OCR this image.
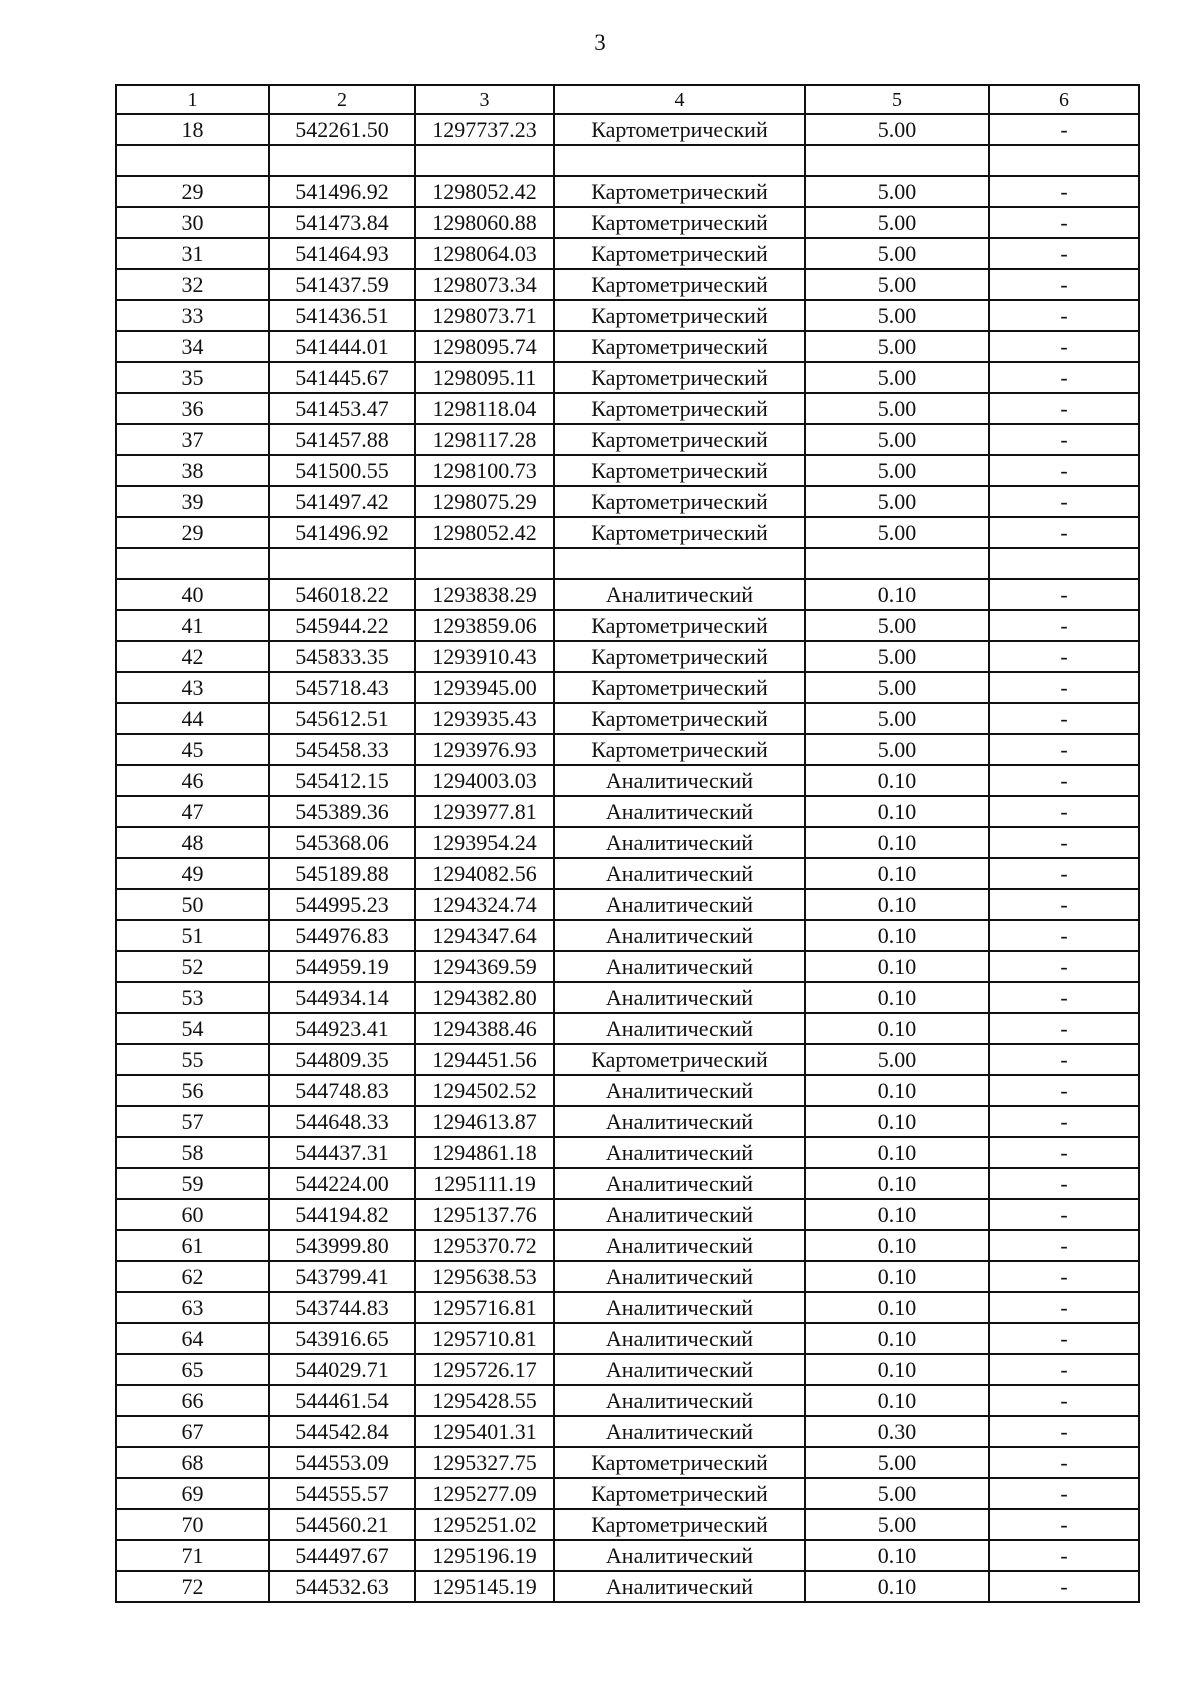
3
1	2	3	4	5	6
18	542261.50	1297737.23	Картометрический	5.00	-

29	541496.92	1298052.42	Картометрический	5.00	-
30	541473.84	1298060.88	Картометрический	5.00	-
31	541464.93	1298064.03	Картометрический	5.00	-
32	541437.59	1298073.34	Картометрический	5.00	-
33	541436.51	1298073.71	Картометрический	5.00	-
34	541444.01	1298095.74	Картометрический	5.00	-
35	541445.67	1298095.11	Картометрический	5.00	-
36	541453.47	1298118.04	Картометрический	5.00	-
37	541457.88	1298117.28	Картометрический	5.00	-
38	541500.55	1298100.73	Картометрический	5.00	-
39	541497.42	1298075.29	Картометрический	5.00	-
29	541496.92	1298052.42	Картометрический	5.00	-

40	546018.22	1293838.29	Аналитический	0.10	-
41	545944.22	1293859.06	Картометрический	5.00	-
42	545833.35	1293910.43	Картометрический	5.00	-
43	545718.43	1293945.00	Картометрический	5.00	-
44	545612.51	1293935.43	Картометрический	5.00	-
45	545458.33	1293976.93	Картометрический	5.00	-
46	545412.15	1294003.03	Аналитический	0.10	-
47	545389.36	1293977.81	Аналитический	0.10	-
48	545368.06	1293954.24	Аналитический	0.10	-
49	545189.88	1294082.56	Аналитический	0.10	-
50	544995.23	1294324.74	Аналитический	0.10	-
51	544976.83	1294347.64	Аналитический	0.10	-
52	544959.19	1294369.59	Аналитический	0.10	-
53	544934.14	1294382.80	Аналитический	0.10	-
54	544923.41	1294388.46	Аналитический	0.10	-
55	544809.35	1294451.56	Картометрический	5.00	-
56	544748.83	1294502.52	Аналитический	0.10	-
57	544648.33	1294613.87	Аналитический	0.10	-
58	544437.31	1294861.18	Аналитический	0.10	-
59	544224.00	1295111.19	Аналитический	0.10	-
60	544194.82	1295137.76	Аналитический	0.10	-
61	543999.80	1295370.72	Аналитический	0.10	-
62	543799.41	1295638.53	Аналитический	0.10	-
63	543744.83	1295716.81	Аналитический	0.10	-
64	543916.65	1295710.81	Аналитический	0.10	-
65	544029.71	1295726.17	Аналитический	0.10	-
66	544461.54	1295428.55	Аналитический	0.10	-
67	544542.84	1295401.31	Аналитический	0.30	-
68	544553.09	1295327.75	Картометрический	5.00	-
69	544555.57	1295277.09	Картометрический	5.00	-
70	544560.21	1295251.02	Картометрический	5.00	-
71	544497.67	1295196.19	Аналитический	0.10	-
72	544532.63	1295145.19	Аналитический	0.10	-
